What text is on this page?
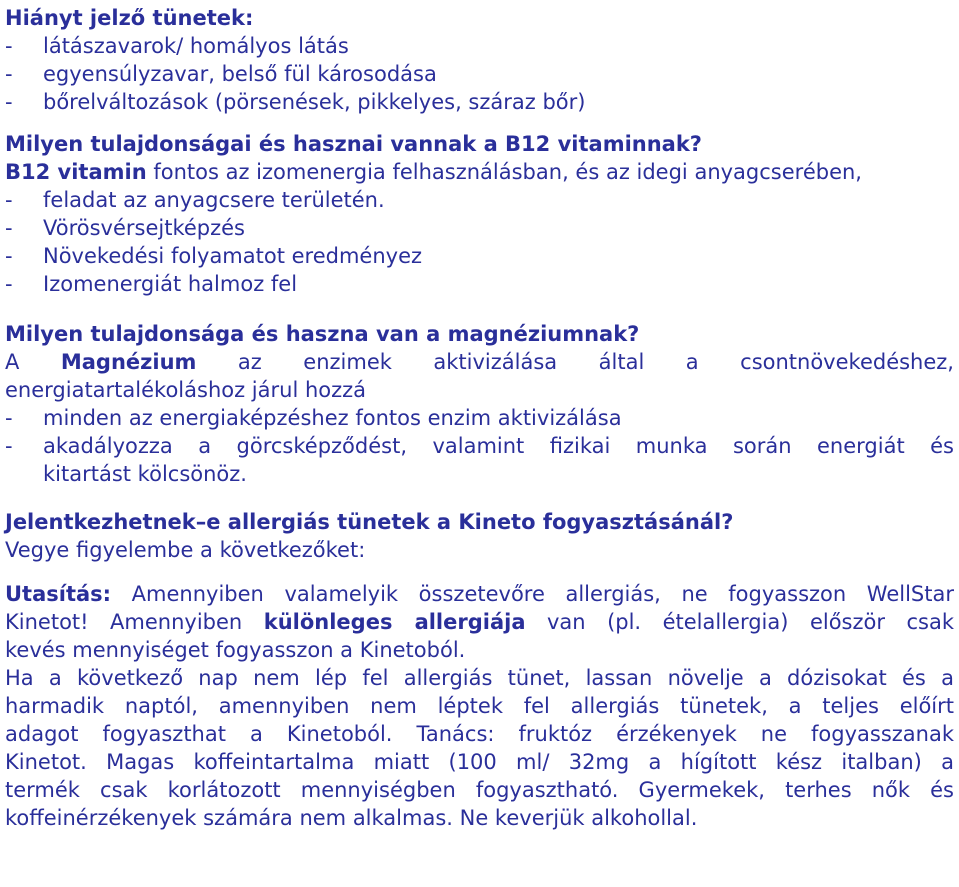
Hiányt jelző tünetek:
- látászavarok/ homályos látás
- egyensúlyzavar, belső fül károsodása
- bőrelváltozások (pörsenések, pikkelyes, száraz bőr)
Milyen tulajdonságai és hasznai vannak a B12 vitaminnak?
B12 vitamin fontos az izomenergia felhasználásban, és az idegi anyagcserében,
- feladat az anyagcsere területén.
- Vörösvérsejtképzés
- Növekedési folyamatot eredményez
- Izomenergiát halmoz fel
Milyen tulajdonsága és haszna van a magnéziumnak?
A Magnézium az enzimek aktivizálása által a csontnövekedéshez,
energiatartalékoláshoz járul hozzá
- minden az energiaképzéshez fontos enzim aktivizálása
-	akadályozza a görcsképződést, valamint fizikai munka során energiát és
kitartást kölcsönöz.
Jelentkezhetnek–e allergiás tünetek a Kineto fogyasztásánál?
Vegye figyelembe a következőket:
Utasítás: Amennyiben valamelyik összetevőre allergiás, ne fogyasszon WellStar
Kinetot! Amennyiben különleges allergiája van (pl. ételallergia) először csak
kevés mennyiséget fogyasszon a Kinetoból.
Ha a következő nap nem lép fel allergiás tünet, lassan növelje a dózisokat és a
harmadik naptól, amennyiben nem léptek fel allergiás tünetek, a teljes előírt
adagot fogyaszthat a Kinetoból. Tanács: fruktóz érzékenyek ne fogyasszanak
Kinetot. Magas koffeintartalma miatt (100 ml/ 32mg a hígított kész italban) a
termék csak korlátozott mennyiségben fogyasztható. Gyermekek, terhes nők és
koffeinérzékenyek számára nem alkalmas. Ne keverjük alkohollal.
